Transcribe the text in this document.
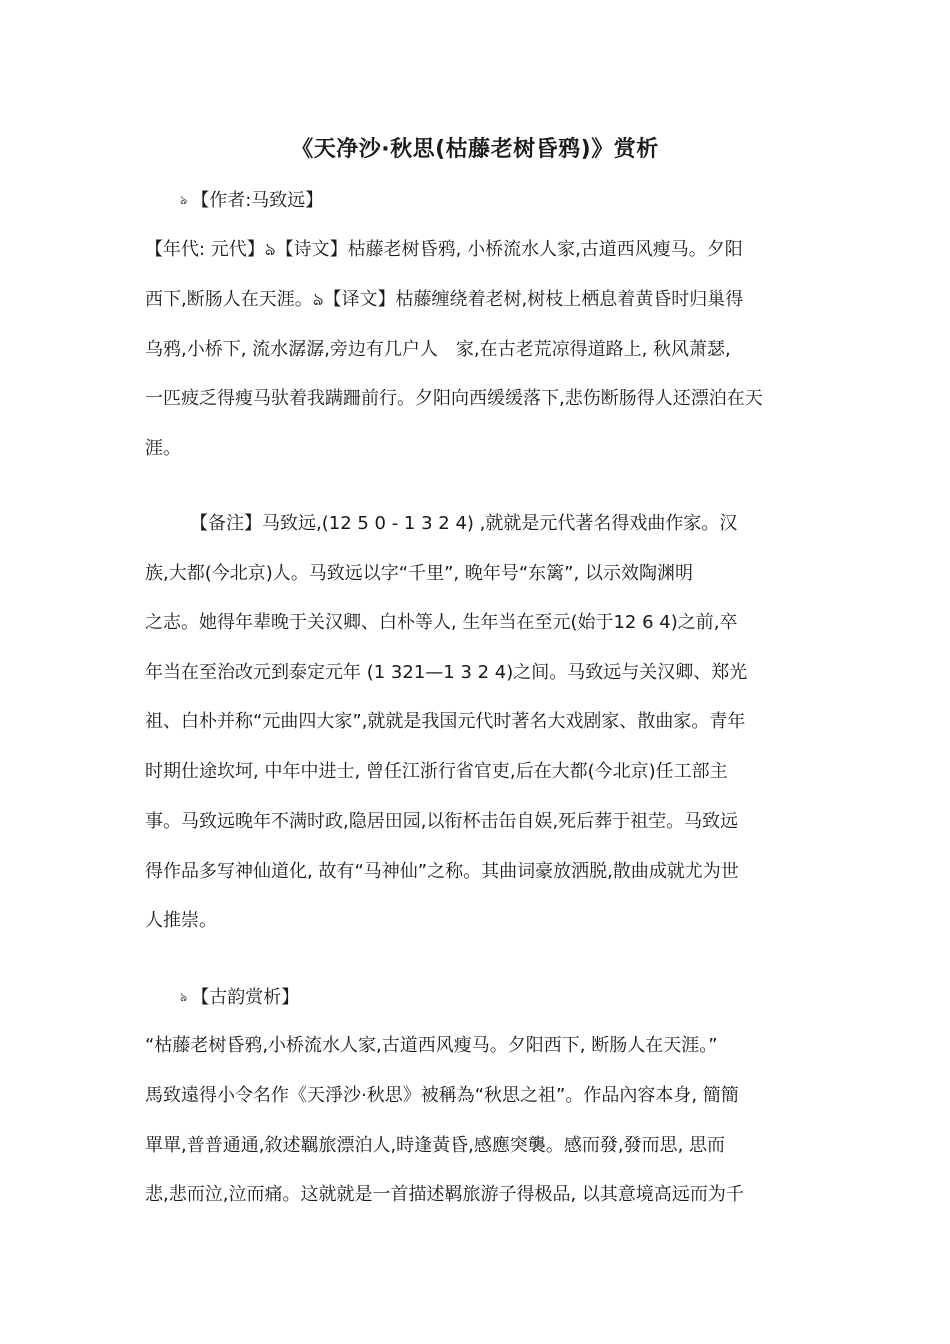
《天净沙·秋思(枯藤老树昏鸦)》赏析
ঌ 【作者:马致远】
【年代: 元代】ঌ【诗文】枯藤老树昏鸦, 小桥流水人家,古道西风瘦马。夕阳
西下,断肠人在天涯。ঌ【译文】枯藤缠绕着老树,树枝上栖息着黄昏时归巢得
乌鸦,小桥下, 流水潺潺,旁边有几户人　家,在古老荒凉得道路上, 秋风萧瑟,
一匹疲乏得瘦马驮着我蹒跚前行。夕阳向西缓缓落下,悲伤断肠得人还漂泊在天
涯。
【备注】马致远,(12 5 0 - 1 3 2 4) ,就就是元代著名得戏曲作家。汉
族,大都(今北京)人。马致远以字“千里”, 晚年号“东篱”, 以示效陶渊明
之志。她得年辈晚于关汉卿、白朴等人, 生年当在至元(始于12 6 4)之前,卒
年当在至治改元到泰定元年 (1 321—1 3 2 4)之间。马致远与关汉卿、郑光
祖、白朴并称“元曲四大家”,就就是我国元代时著名大戏剧家、散曲家。青年
时期仕途坎坷, 中年中进士, 曾任江浙行省官吏,后在大都(今北京)任工部主
事。马致远晚年不满时政,隐居田园,以衔杯击缶自娱,死后葬于祖茔。马致远
得作品多写神仙道化, 故有“马神仙”之称。其曲词豪放洒脱,散曲成就尤为世
人推崇。
ঌ 【古韵赏析】
“枯藤老树昏鸦,小桥流水人家,古道西风瘦马。夕阳西下, 断肠人在天涯。”
馬致遠得小令名作《天淨沙·秋思》被稱為“秋思之祖”。作品內容本身, 簡簡
單單,普普通通,敘述羈旅漂泊人,時逢黃昏,感應突襲。感而發,發而思, 思而
悲,悲而泣,泣而痛。这就就是一首描述羁旅游子得极品, 以其意境高远而为千
